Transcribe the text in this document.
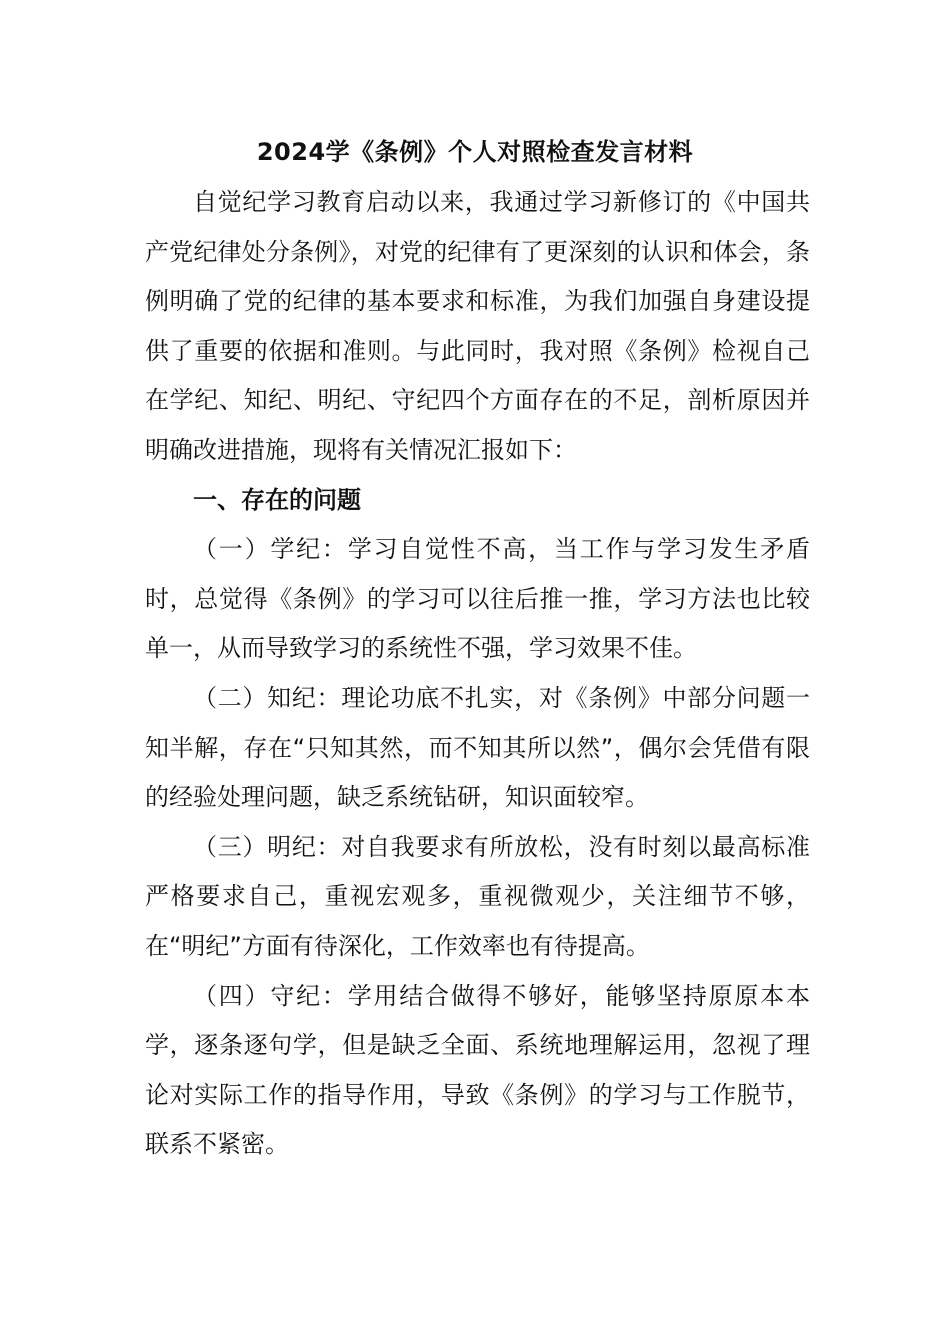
2024学《条例》个人对照检查发言材料

自觉纪学习教育启动以来，我通过学习新修订的《中国共产党纪律处分条例》，对党的纪律有了更深刻的认识和体会，条例明确了党的纪律的基本要求和标准，为我们加强自身建设提供了重要的依据和准则。与此同时，我对照《条例》检视自己在学纪、知纪、明纪、守纪四个方面存在的不足，剖析原因并明确改进措施，现将有关情况汇报如下：

一、存在的问题

（一）学纪：学习自觉性不高，当工作与学习发生矛盾时，总觉得《条例》的学习可以往后推一推，学习方法也比较单一，从而导致学习的系统性不强，学习效果不佳。

（二）知纪：理论功底不扎实，对《条例》中部分问题一知半解，存在“只知其然，而不知其所以然”，偶尔会凭借有限的经验处理问题，缺乏系统钻研，知识面较窄。

（三）明纪：对自我要求有所放松，没有时刻以最高标准严格要求自己，重视宏观多，重视微观少，关注细节不够，在“明纪”方面有待深化，工作效率也有待提高。

（四）守纪：学用结合做得不够好，能够坚持原原本本学，逐条逐句学，但是缺乏全面、系统地理解运用，忽视了理论对实际工作的指导作用，导致《条例》的学习与工作脱节，联系不紧密。
